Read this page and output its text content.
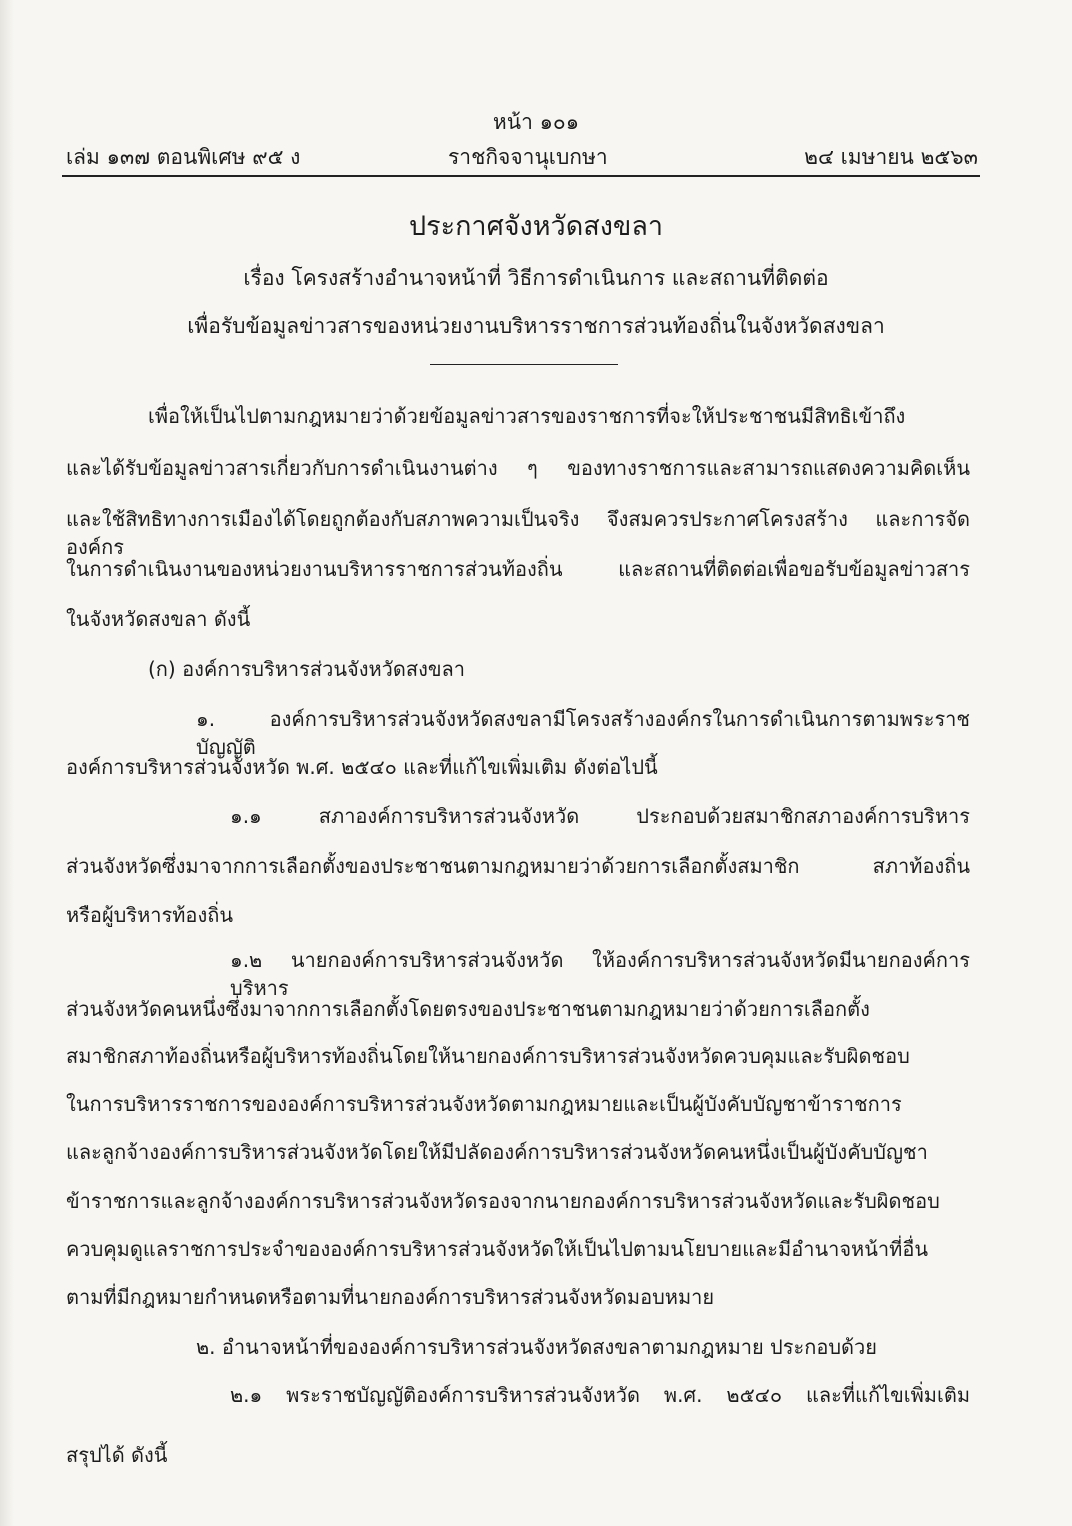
หน้า ๑๐๑
เล่ม ๑๓๗ ตอนพิเศษ ๙๕ ง	ราชกิจจานุเบกษา	๒๔ เมษายน ๒๕๖๓
ประกาศจังหวัดสงขลา
เรื่อง โครงสร้างอำนาจหน้าที่ วิธีการดำเนินการ และสถานที่ติดต่อ
เพื่อรับข้อมูลข่าวสารของหน่วยงานบริหารราชการส่วนท้องถิ่นในจังหวัดสงขลา
เพื่อให้เป็นไปตามกฎหมายว่าด้วยข้อมูลข่าวสารของราชการที่จะให้ประชาชนมีสิทธิเข้าถึง
และได้รับข้อมูลข่าวสารเกี่ยวกับการดำเนินงานต่าง ๆ ของทางราชการและสามารถแสดงความคิดเห็น
และใช้สิทธิทางการเมืองได้โดยถูกต้องกับสภาพความเป็นจริง จึงสมควรประกาศโครงสร้าง และการจัดองค์กร
ในการดำเนินงานของหน่วยงานบริหารราชการส่วนท้องถิ่น และสถานที่ติดต่อเพื่อขอรับข้อมูลข่าวสาร
ในจังหวัดสงขลา ดังนี้
(ก) องค์การบริหารส่วนจังหวัดสงขลา
๑. องค์การบริหารส่วนจังหวัดสงขลามีโครงสร้างองค์กรในการดำเนินการตามพระราชบัญญัติ
องค์การบริหารส่วนจังหวัด พ.ศ. ๒๕๔๐ และที่แก้ไขเพิ่มเติม ดังต่อไปนี้
๑.๑ สภาองค์การบริหารส่วนจังหวัด ประกอบด้วยสมาชิกสภาองค์การบริหาร
ส่วนจังหวัดซึ่งมาจากการเลือกตั้งของประชาชนตามกฎหมายว่าด้วยการเลือกตั้งสมาชิก สภาท้องถิ่น
หรือผู้บริหารท้องถิ่น
๑.๒ นายกองค์การบริหารส่วนจังหวัด ให้องค์การบริหารส่วนจังหวัดมีนายกองค์การบริหาร
ส่วนจังหวัดคนหนึ่งซึ่งมาจากการเลือกตั้งโดยตรงของประชาชนตามกฎหมายว่าด้วยการเลือกตั้ง
สมาชิกสภาท้องถิ่นหรือผู้บริหารท้องถิ่นโดยให้นายกองค์การบริหารส่วนจังหวัดควบคุมและรับผิดชอบ
ในการบริหารราชการขององค์การบริหารส่วนจังหวัดตามกฎหมายและเป็นผู้บังคับบัญชาข้าราชการ
และลูกจ้างองค์การบริหารส่วนจังหวัดโดยให้มีปลัดองค์การบริหารส่วนจังหวัดคนหนึ่งเป็นผู้บังคับบัญชา
ข้าราชการและลูกจ้างองค์การบริหารส่วนจังหวัดรองจากนายกองค์การบริหารส่วนจังหวัดและรับผิดชอบ
ควบคุมดูแลราชการประจำขององค์การบริหารส่วนจังหวัดให้เป็นไปตามนโยบายและมีอำนาจหน้าที่อื่น
ตามที่มีกฎหมายกำหนดหรือตามที่นายกองค์การบริหารส่วนจังหวัดมอบหมาย
๒. อำนาจหน้าที่ขององค์การบริหารส่วนจังหวัดสงขลาตามกฎหมาย ประกอบด้วย
๒.๑ พระราชบัญญัติองค์การบริหารส่วนจังหวัด พ.ศ. ๒๕๔๐ และที่แก้ไขเพิ่มเติม
สรุปได้ ดังนี้
